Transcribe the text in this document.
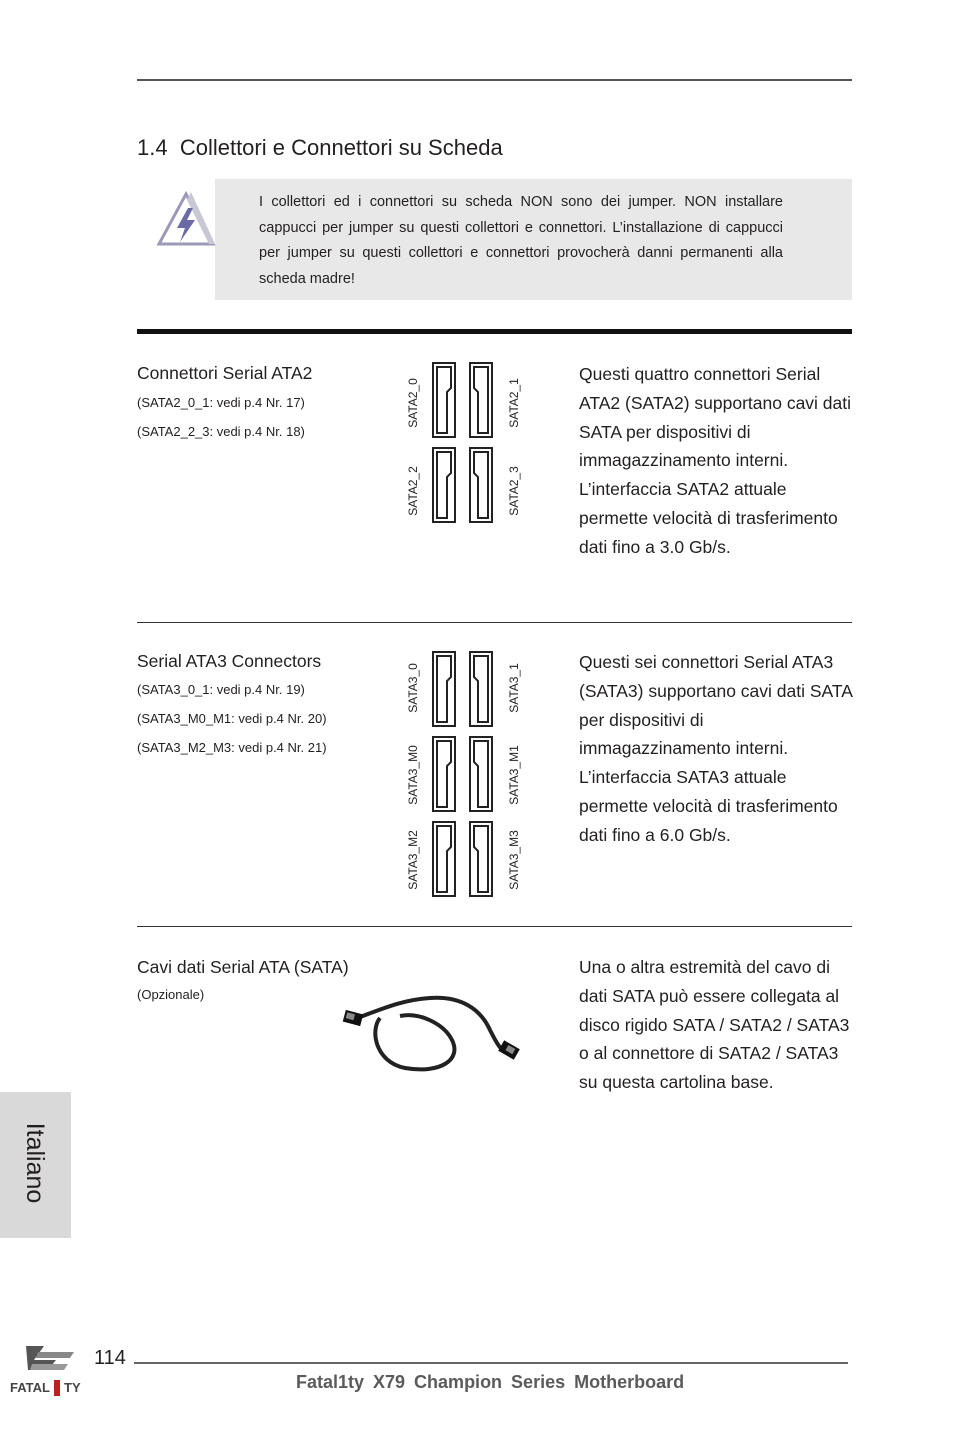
1.4 Collettori e Connettori su Scheda
I collettori ed i connettori su scheda NON sono dei jumper. NON installare cappucci per jumper su questi collettori e connettori. L’installazione di cappucci per jumper su questi collettori e connettori provocherà danni permanenti alla scheda madre!
Connettori Serial ATA2
(SATA2_0_1: vedi p.4 Nr. 17)
(SATA2_2_3: vedi p.4 Nr. 18)
SATA2_0	SATA2_1
SATA2_2	SATA2_3
Questi quattro connettori Serial ATA2 (SATA2) supportano cavi dati SATA per dispositivi di immagazzinamento interni. L’interfaccia SATA2 attuale permette velocità di trasferimento dati fino a 3.0 Gb/s.
Serial ATA3 Connectors
(SATA3_0_1: vedi p.4 Nr. 19)
(SATA3_M0_M1: vedi p.4 Nr. 20)
(SATA3_M2_M3: vedi p.4 Nr. 21)
SATA3_0	SATA3_1
SATA3_M0	SATA3_M1
SATA3_M2	SATA3_M3
Questi sei connettori Serial ATA3 (SATA3) supportano cavi dati SATA per dispositivi di immagazzinamento interni. L’interfaccia SATA3 attuale permette velocità di trasferimento dati fino a 6.0 Gb/s.
Cavi dati Serial ATA (SATA)
(Opzionale)
Una o altra estremità del cavo di dati SATA può essere collegata al disco rigido SATA / SATA2 / SATA3 o al connettore di SATA2 / SATA3 su questa cartolina base.
Italiano
FATAL TY
114
Fatal1ty X79 Champion Series Motherboard
